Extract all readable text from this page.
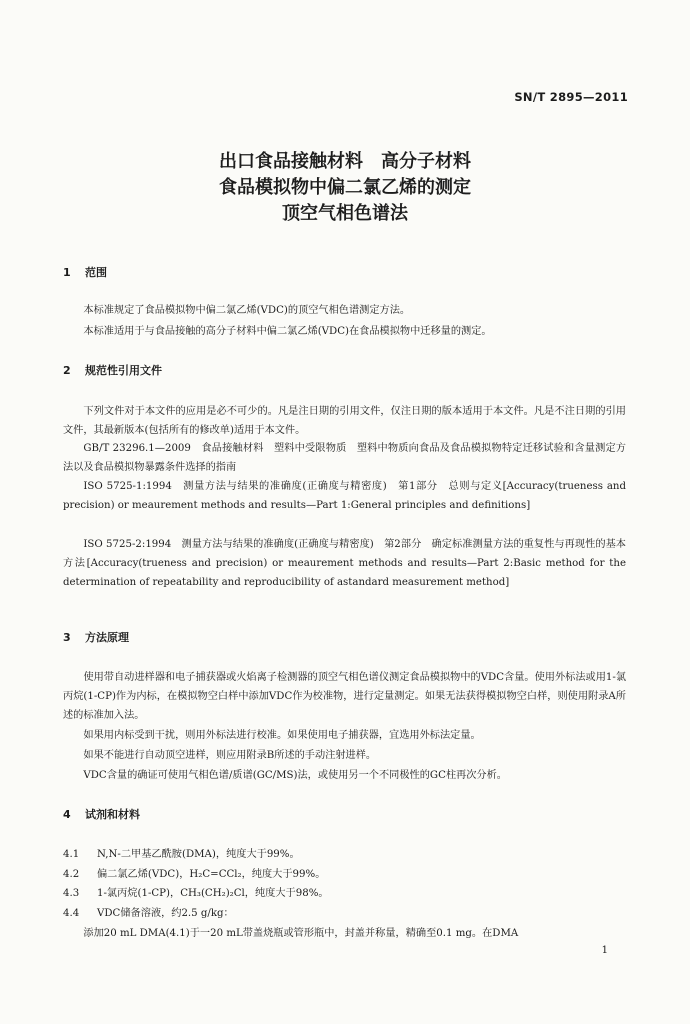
SN/T 2895—2011
出口食品接触材料　高分子材料
食品模拟物中偏二氯乙烯的测定
顶空气相色谱法
1 范围

本标准规定了食品模拟物中偏二氯乙烯(VDC)的顶空气相色谱测定方法。

本标准适用于与食品接触的高分子材料中偏二氯乙烯(VDC)在食品模拟物中迁移量的测定。

2 规范性引用文件

下列文件对于本文件的应用是必不可少的。凡是注日期的引用文件，仅注日期的版本适用于本文件。凡是不注日期的引用文件，其最新版本(包括所有的修改单)适用于本文件。

GB/T 23296.1—2009　食品接触材料　塑料中受限物质　塑料中物质向食品及食品模拟物特定迁移试验和含量测定方法以及食品模拟物暴露条件选择的指南

ISO 5725-1:1994　测量方法与结果的准确度(正确度与精密度)　第1部分　总则与定义[Accuracy(trueness and precision) or meaurement methods and results—Part 1:General principles and definitions]

ISO 5725-2:1994　测量方法与结果的准确度(正确度与精密度)　第2部分　确定标准测量方法的重复性与再现性的基本方法[Accuracy(trueness and precision) or meaurement methods and results—Part 2:Basic method for the determination of repeatability and reproducibility of astandard measurement method]

3 方法原理

使用带自动进样器和电子捕获器或火焰离子检测器的顶空气相色谱仪测定食品模拟物中的VDC含量。使用外标法或用1-氯丙烷(1-CP)作为内标，在模拟物空白样中添加VDC作为校准物，进行定量测定。如果无法获得模拟物空白样，则使用附录A所述的标准加入法。

如果用内标受到干扰，则用外标法进行校准。如果使用电子捕获器，宜选用外标法定量。

如果不能进行自动顶空进样，则应用附录B所述的手动注射进样。

VDC含量的确证可使用气相色谱/质谱(GC/MS)法，或使用另一个不同极性的GC柱再次分析。

4 试剂和材料

4.1 N,N-二甲基乙酰胺(DMA)，纯度大于99%。

4.2 偏二氯乙烯(VDC)，H₂C=CCl₂，纯度大于99%。

4.3 1-氯丙烷(1-CP)，CH₃(CH₂)₂Cl，纯度大于98%。

4.4 VDC储备溶液，约2.5 g/kg：

添加20 mL DMA(4.1)于一20 mL带盖烧瓶或管形瓶中，封盖并称量，精确至0.1 mg。在DMA

1
